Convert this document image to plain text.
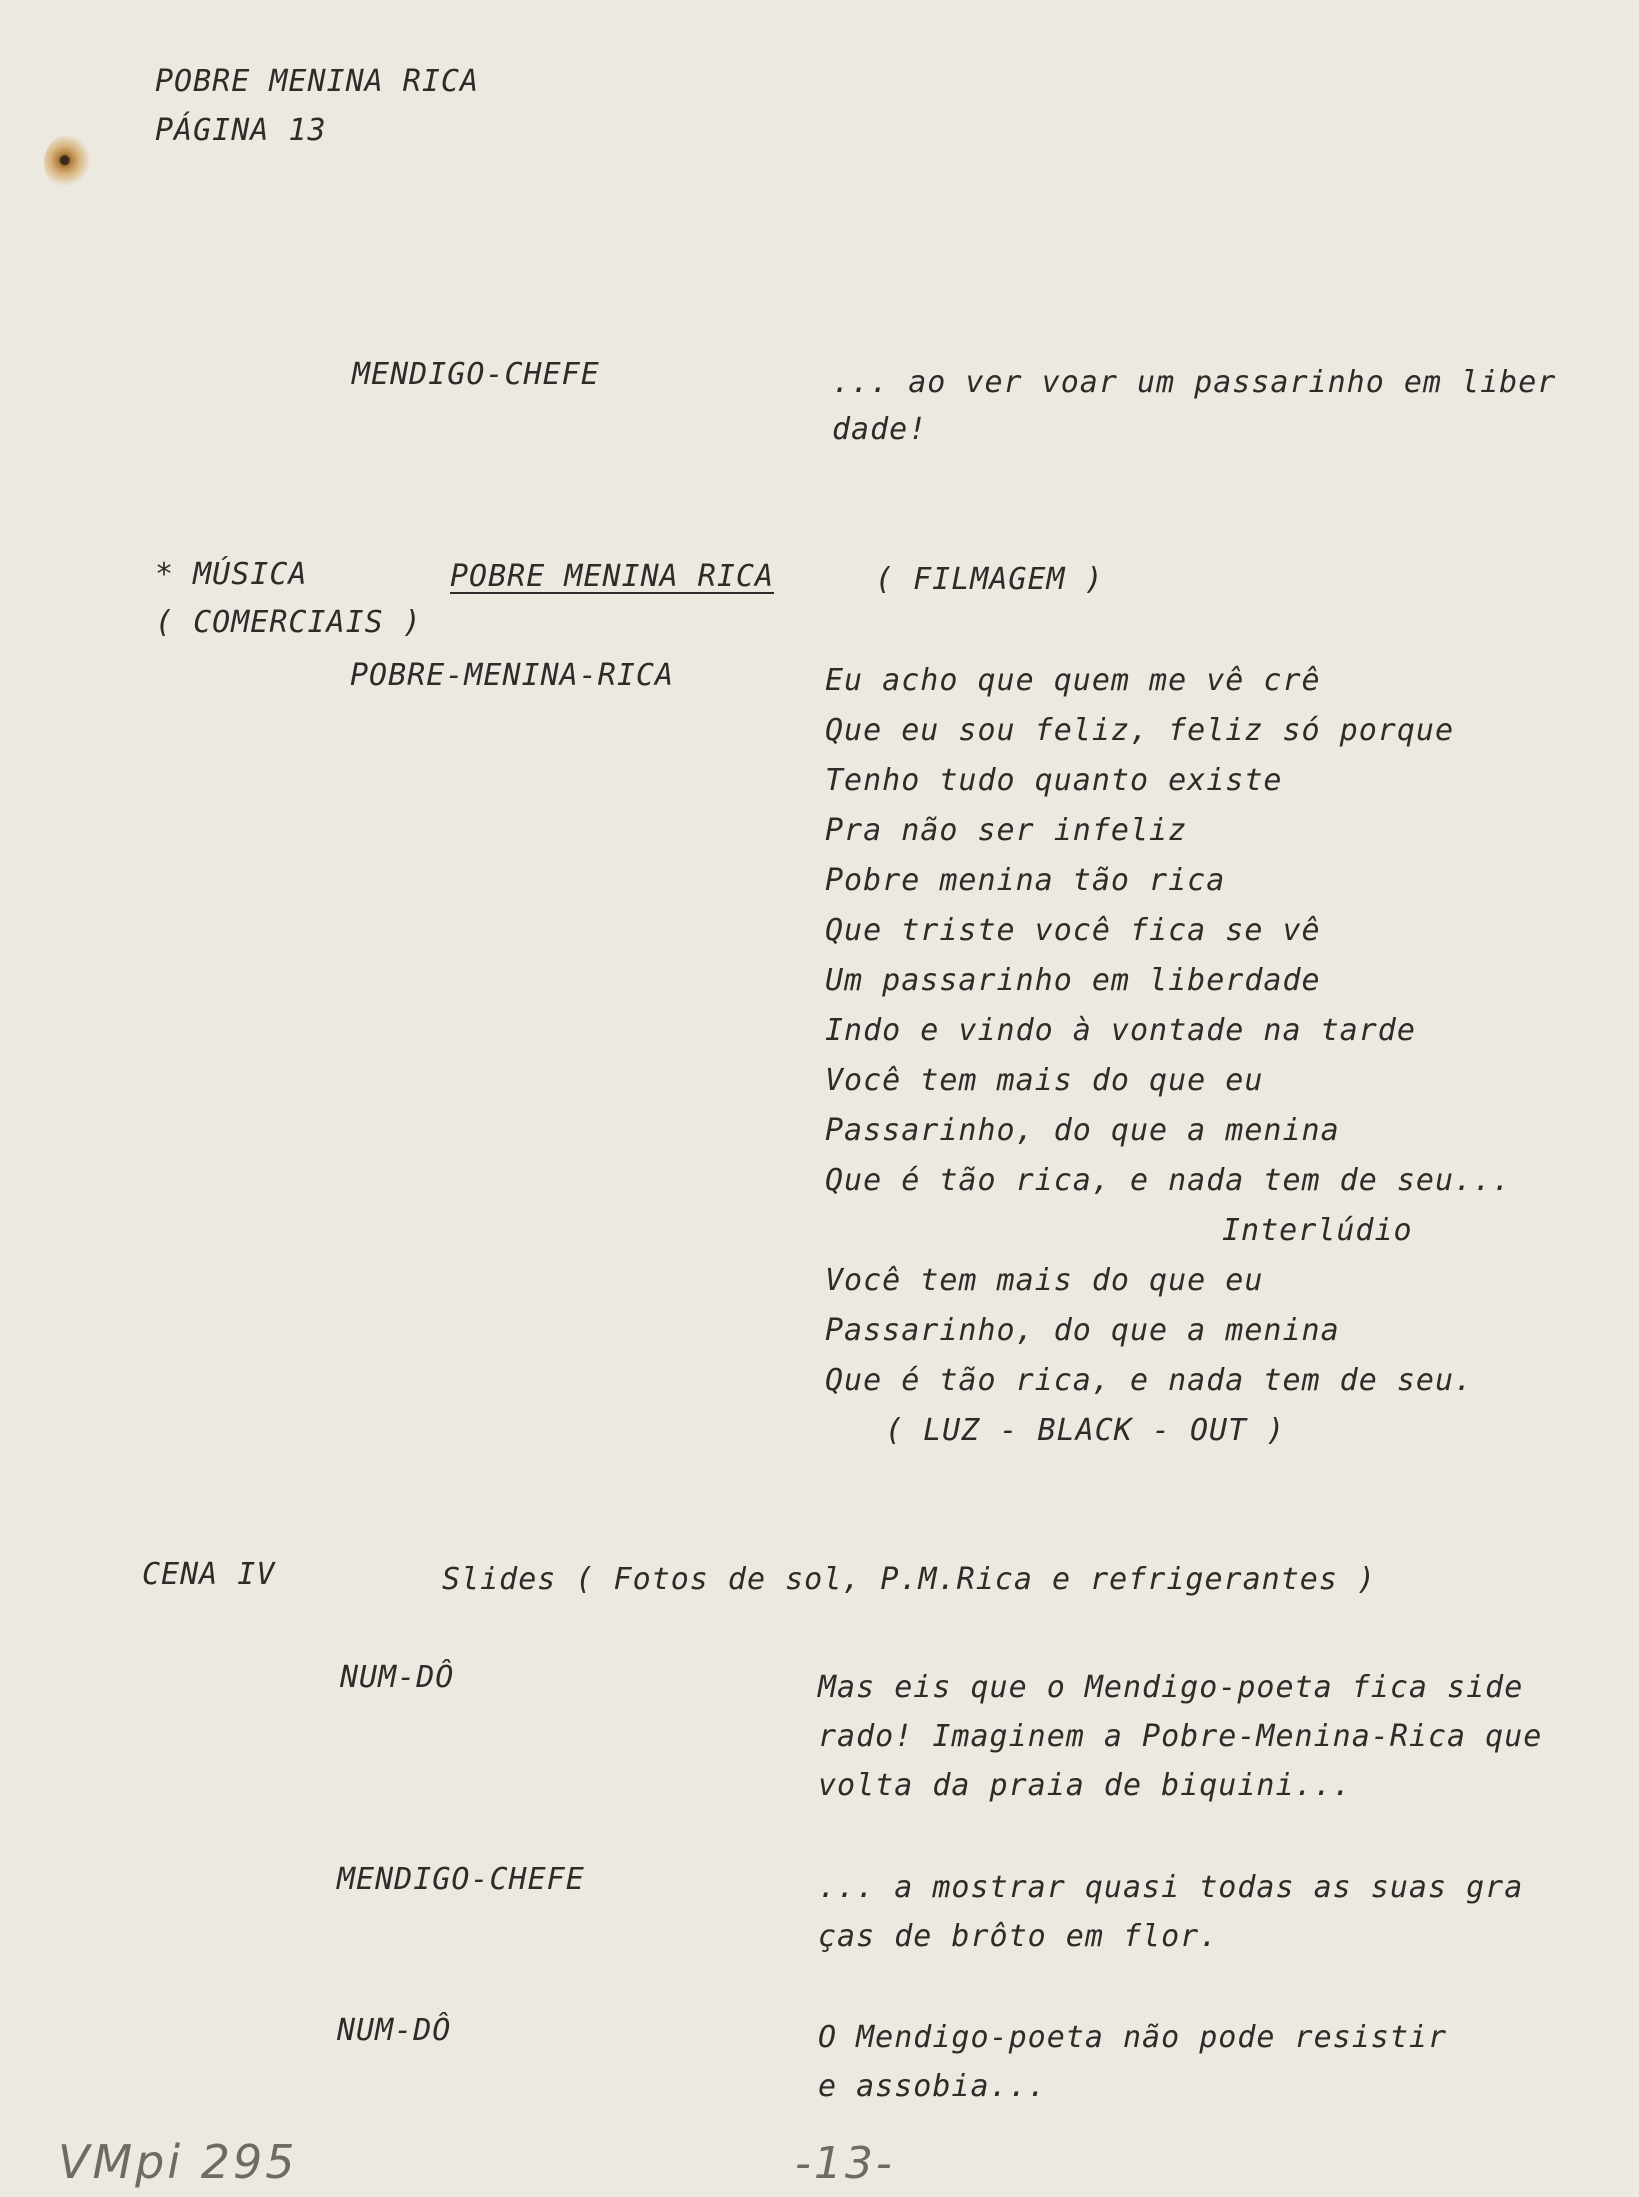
POBRE MENINA RICA
PÁGINA 13
MENDIGO-CHEFE	... ao ver voar um passarinho em liber
dade!
* MÚSICA	POBRE MENINA RICA	( FILMAGEM )
( COMERCIAIS )
POBRE-MENINA-RICA	Eu acho que quem me vê crê
Que eu sou feliz, feliz só porque
Tenho tudo quanto existe
Pra não ser infeliz
Pobre menina tão rica
Que triste você fica se vê
Um passarinho em liberdade
Indo e vindo à vontade na tarde
Você tem mais do que eu
Passarinho, do que a menina
Que é tão rica, e nada tem de seu...
Interlúdio
Você tem mais do que eu
Passarinho, do que a menina
Que é tão rica, e nada tem de seu.
( LUZ - BLACK - OUT )
CENA IV	Slides ( Fotos de sol, P.M.Rica e refrigerantes )
NUM-DÔ	Mas eis que o Mendigo-poeta fica side
rado! Imaginem a Pobre-Menina-Rica que
volta da praia de biquini...
MENDIGO-CHEFE	... a mostrar quasi todas as suas gra
ças de brôto em flor.
NUM-DÔ	O Mendigo-poeta não pode resistir
e assobia...
VMpi 295	-13-
